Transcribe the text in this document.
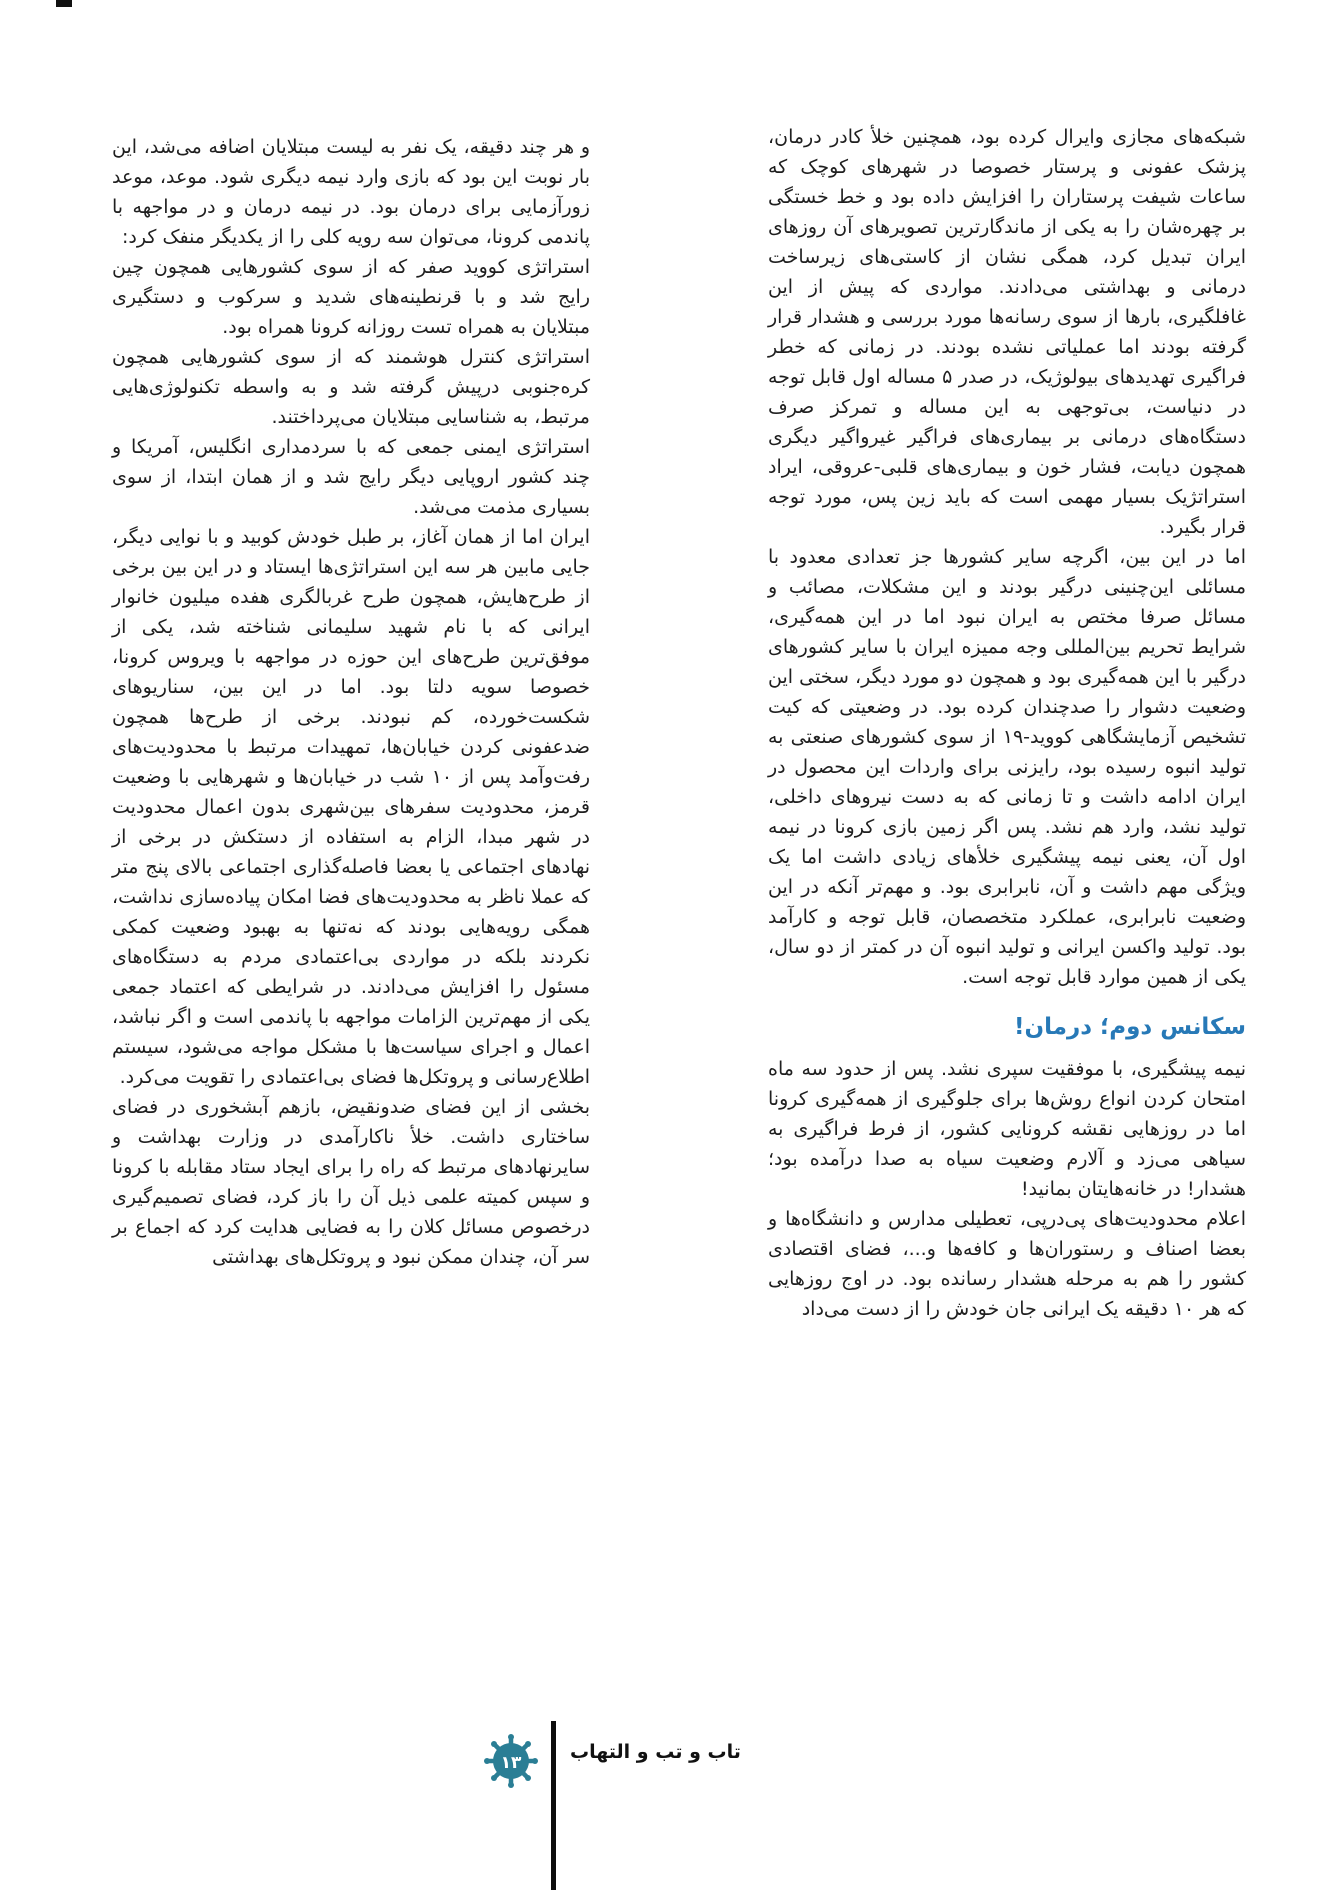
شبکه‌های مجازی وایرال کرده بود، همچنین خلأ کادر درمان، پزشک عفونی و پرستار خصوصا در شهرهای کوچک که ساعات شیفت پرستاران را افزایش داده بود و خط خستگی بر چهره‌شان را به یکی از ماندگارترین تصویرهای آن روزهای ایران تبدیل کرد، همگی نشان از کاستی‌های زیرساخت درمانی و بهداشتی می‌دادند. مواردی که پیش از این غافلگیری، بارها از سوی رسانه‌ها مورد بررسی و هشدار قرار گرفته بودند اما عملیاتی نشده بودند. در زمانی که خطر فراگیری تهدیدهای بیولوژیک، در صدر ۵ مساله اول قابل توجه در دنیاست، بی‌توجهی به این مساله و تمرکز صرف دستگاه‌های درمانی بر بیماری‌های فراگیر غیرواگیر دیگری همچون دیابت، فشار خون و بیماری‌های قلبی-عروقی، ایراد استراتژیک بسیار مهمی است که باید زین پس، مورد توجه قرار بگیرد.

اما در این بین، اگرچه سایر کشورها جز تعدادی معدود با مسائلی این‌چنینی درگیر بودند و این مشکلات، مصائب و مسائل صرفا مختص به ایران نبود اما در این همه‌گیری، شرایط تحریم بین‌المللی وجه ممیزه ایران با سایر کشورهای درگیر با این همه‌گیری بود و همچون دو مورد دیگر، سختی این وضعیت دشوار را صدچندان کرده بود. در وضعیتی که کیت تشخیص آزمایشگاهی کووید-۱۹ از سوی کشورهای صنعتی به تولید انبوه رسیده بود، رایزنی برای واردات این محصول در ایران ادامه داشت و تا زمانی که به دست نیروهای داخلی، تولید نشد، وارد هم نشد. پس اگر زمین بازی کرونا در نیمه اول آن، یعنی نیمه پیشگیری خلأهای زیادی داشت اما یک ویژگی مهم داشت و آن، نابرابری بود. و مهم‌تر آنکه در این وضعیت نابرابری، عملکرد متخصصان، قابل توجه و کارآمد بود. تولید واکسن ایرانی و تولید انبوه آن در کمتر از دو سال، یکی از همین موارد قابل توجه است.

سکانس دوم؛ درمان!

نیمه پیشگیری، با موفقیت سپری نشد. پس از حدود سه ماه امتحان کردن انواع روش‌ها برای جلوگیری از همه‌گیری کرونا اما در روزهایی نقشه کرونایی کشور، از فرط فراگیری به سیاهی می‌زد و آلارم وضعیت سیاه به صدا درآمده بود؛ هشدار! در خانه‌هایتان بمانید!

اعلام محدودیت‌های پی‌درپی، تعطیلی مدارس و دانشگاه‌ها و بعضا اصناف و رستوران‌ها و کافه‌ها و...، فضای اقتصادی کشور را هم به مرحله هشدار رسانده بود. در اوج روزهایی که هر ۱۰ دقیقه یک ایرانی جان خودش را از دست می‌داد

و هر چند دقیقه، یک نفر به لیست مبتلایان اضافه می‌شد، این بار نوبت این بود که بازی وارد نیمه دیگری شود. موعد، موعد زورآزمایی برای درمان بود. در نیمه درمان و در مواجهه با پاندمی کرونا، می‌توان سه رویه کلی را از یکدیگر منفک کرد:

استراتژی کووید صفر که از سوی کشورهایی همچون چین رایج شد و با قرنطینه‌های شدید و سرکوب و دستگیری مبتلایان به همراه تست روزانه کرونا همراه بود.

استراتژی کنترل هوشمند که از سوی کشورهایی همچون کره‌جنوبی درپیش گرفته شد و به واسطه تکنولوژی‌هایی مرتبط، به شناسایی مبتلایان می‌پرداختند.

استراتژی ایمنی جمعی که با سردمداری انگلیس، آمریکا و چند کشور اروپایی دیگر رایج شد و از همان ابتدا، از سوی بسیاری مذمت می‌شد.

ایران اما از همان آغاز، بر طبل خودش کوبید و با نوایی دیگر، جایی مابین هر سه این استراتژی‌ها ایستاد و در این بین برخی از طرح‌هایش، همچون طرح غربالگری هفده میلیون خانوار ایرانی که با نام شهید سلیمانی شناخته شد، یکی از موفق‌ترین طرح‌های این حوزه در مواجهه با ویروس کرونا، خصوصا سویه دلتا بود. اما در این بین، سناریوهای شکست‌خورده، کم نبودند. برخی از طرح‌ها همچون ضدعفونی کردن خیابان‌ها، تمهیدات مرتبط با محدودیت‌های رفت‌وآمد پس از ۱۰ شب در خیابان‌ها و شهرهایی با وضعیت قرمز، محدودیت سفرهای بین‌شهری بدون اعمال محدودیت در شهر مبدا، الزام به استفاده از دستکش در برخی از نهادهای اجتماعی یا بعضا فاصله‌گذاری اجتماعی بالای پنج متر که عملا ناظر به محدودیت‌های فضا امکان پیاده‌سازی نداشت، همگی رویه‌هایی بودند که نه‌تنها به بهبود وضعیت کمکی نکردند بلکه در مواردی بی‌اعتمادی مردم به دستگاه‌های مسئول را افزایش می‌دادند. در شرایطی که اعتماد جمعی یکی از مهم‌ترین الزامات مواجهه با پاندمی است و اگر نباشد، اعمال و اجرای سیاست‌ها با مشکل مواجه می‌شود، سیستم اطلاع‌رسانی و پروتکل‌ها فضای بی‌اعتمادی را تقویت می‌کرد.

بخشی از این فضای ضدونقیض، بازهم آبشخوری در فضای ساختاری داشت. خلأ ناکارآمدی در وزارت بهداشت و سایرنهادهای مرتبط که راه را برای ایجاد ستاد مقابله با کرونا و سپس کمیته علمی ذیل آن را باز کرد، فضای تصمیم‌گیری درخصوص مسائل کلان را به فضایی هدایت کرد که اجماع بر سر آن، چندان ممکن نبود و پروتکل‌های بهداشتی

۱۳	تاب و تب و التهاب
